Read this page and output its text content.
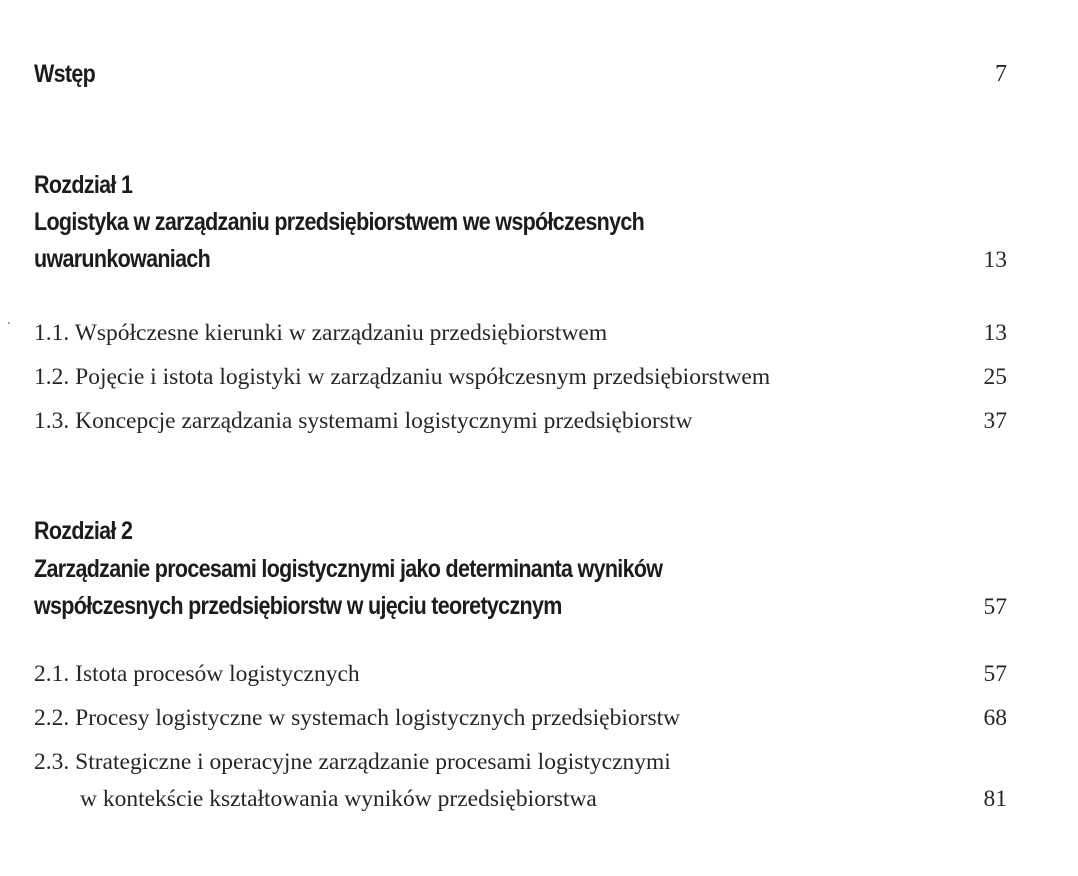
Wstęp	7
Rozdział 1
Logistyka w zarządzaniu przedsiębiorstwem we współczesnych
uwarunkowaniach	13
1.1. Współczesne kierunki w zarządzaniu przedsiębiorstwem	13
1.2. Pojęcie i istota logistyki w zarządzaniu współczesnym przedsiębiorstwem	25
1.3. Koncepcje zarządzania systemami logistycznymi przedsiębiorstw	37
Rozdział 2
Zarządzanie procesami logistycznymi jako determinanta wyników
współczesnych przedsiębiorstw w ujęciu teoretycznym	57
2.1. Istota procesów logistycznych	57
2.2. Procesy logistyczne w systemach logistycznych przedsiębiorstw	68
2.3. Strategiczne i operacyjne zarządzanie procesami logistycznymi
w kontekście kształtowania wyników przedsiębiorstwa	81
